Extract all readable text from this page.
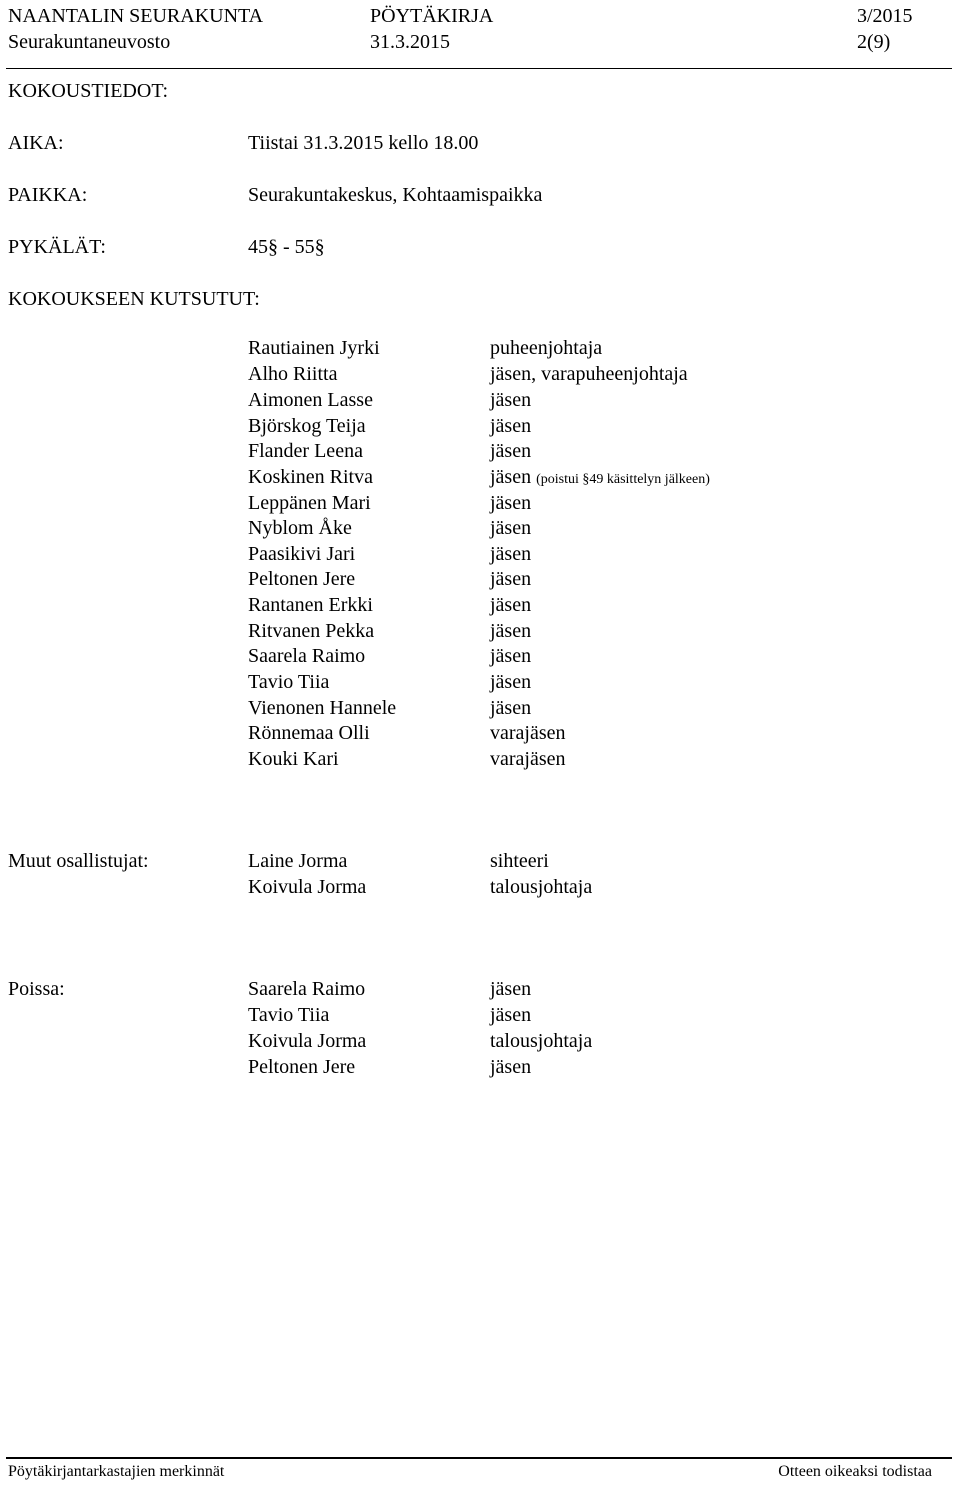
NAANTALIN SEURAKUNTA	PÖYTÄKIRJA	3/2015
Seurakuntaneuvosto	31.3.2015	2(9)
KOKOUSTIEDOT:
AIKA:	Tiistai 31.3.2015 kello 18.00
PAIKKA:	Seurakuntakeskus, Kohtaamispaikka
PYKÄLÄT:	45§ - 55§
KOKOUKSEEN KUTSUTUT:
Rautiainen Jyrki	puheenjohtaja
Alho Riitta	jäsen, varapuheenjohtaja
Aimonen Lasse	jäsen
Björskog Teija	jäsen
Flander Leena	jäsen
Koskinen Ritva	jäsen (poistui §49 käsittelyn jälkeen)
Leppänen Mari	jäsen
Nyblom Åke	jäsen
Paasikivi Jari	jäsen
Peltonen Jere	jäsen
Rantanen Erkki	jäsen
Ritvanen Pekka	jäsen
Saarela Raimo	jäsen
Tavio Tiia	jäsen
Vienonen Hannele	jäsen
Rönnemaa Olli	varajäsen
Kouki Kari	varajäsen
Muut osallistujat:	Laine Jorma	sihteeri
Koivula Jorma	talousjohtaja
Poissa:	Saarela Raimo	jäsen
Tavio Tiia	jäsen
Koivula Jorma	talousjohtaja
Peltonen Jere	jäsen
Pöytäkirjantarkastajien merkinnät	Otteen oikeaksi todistaa
